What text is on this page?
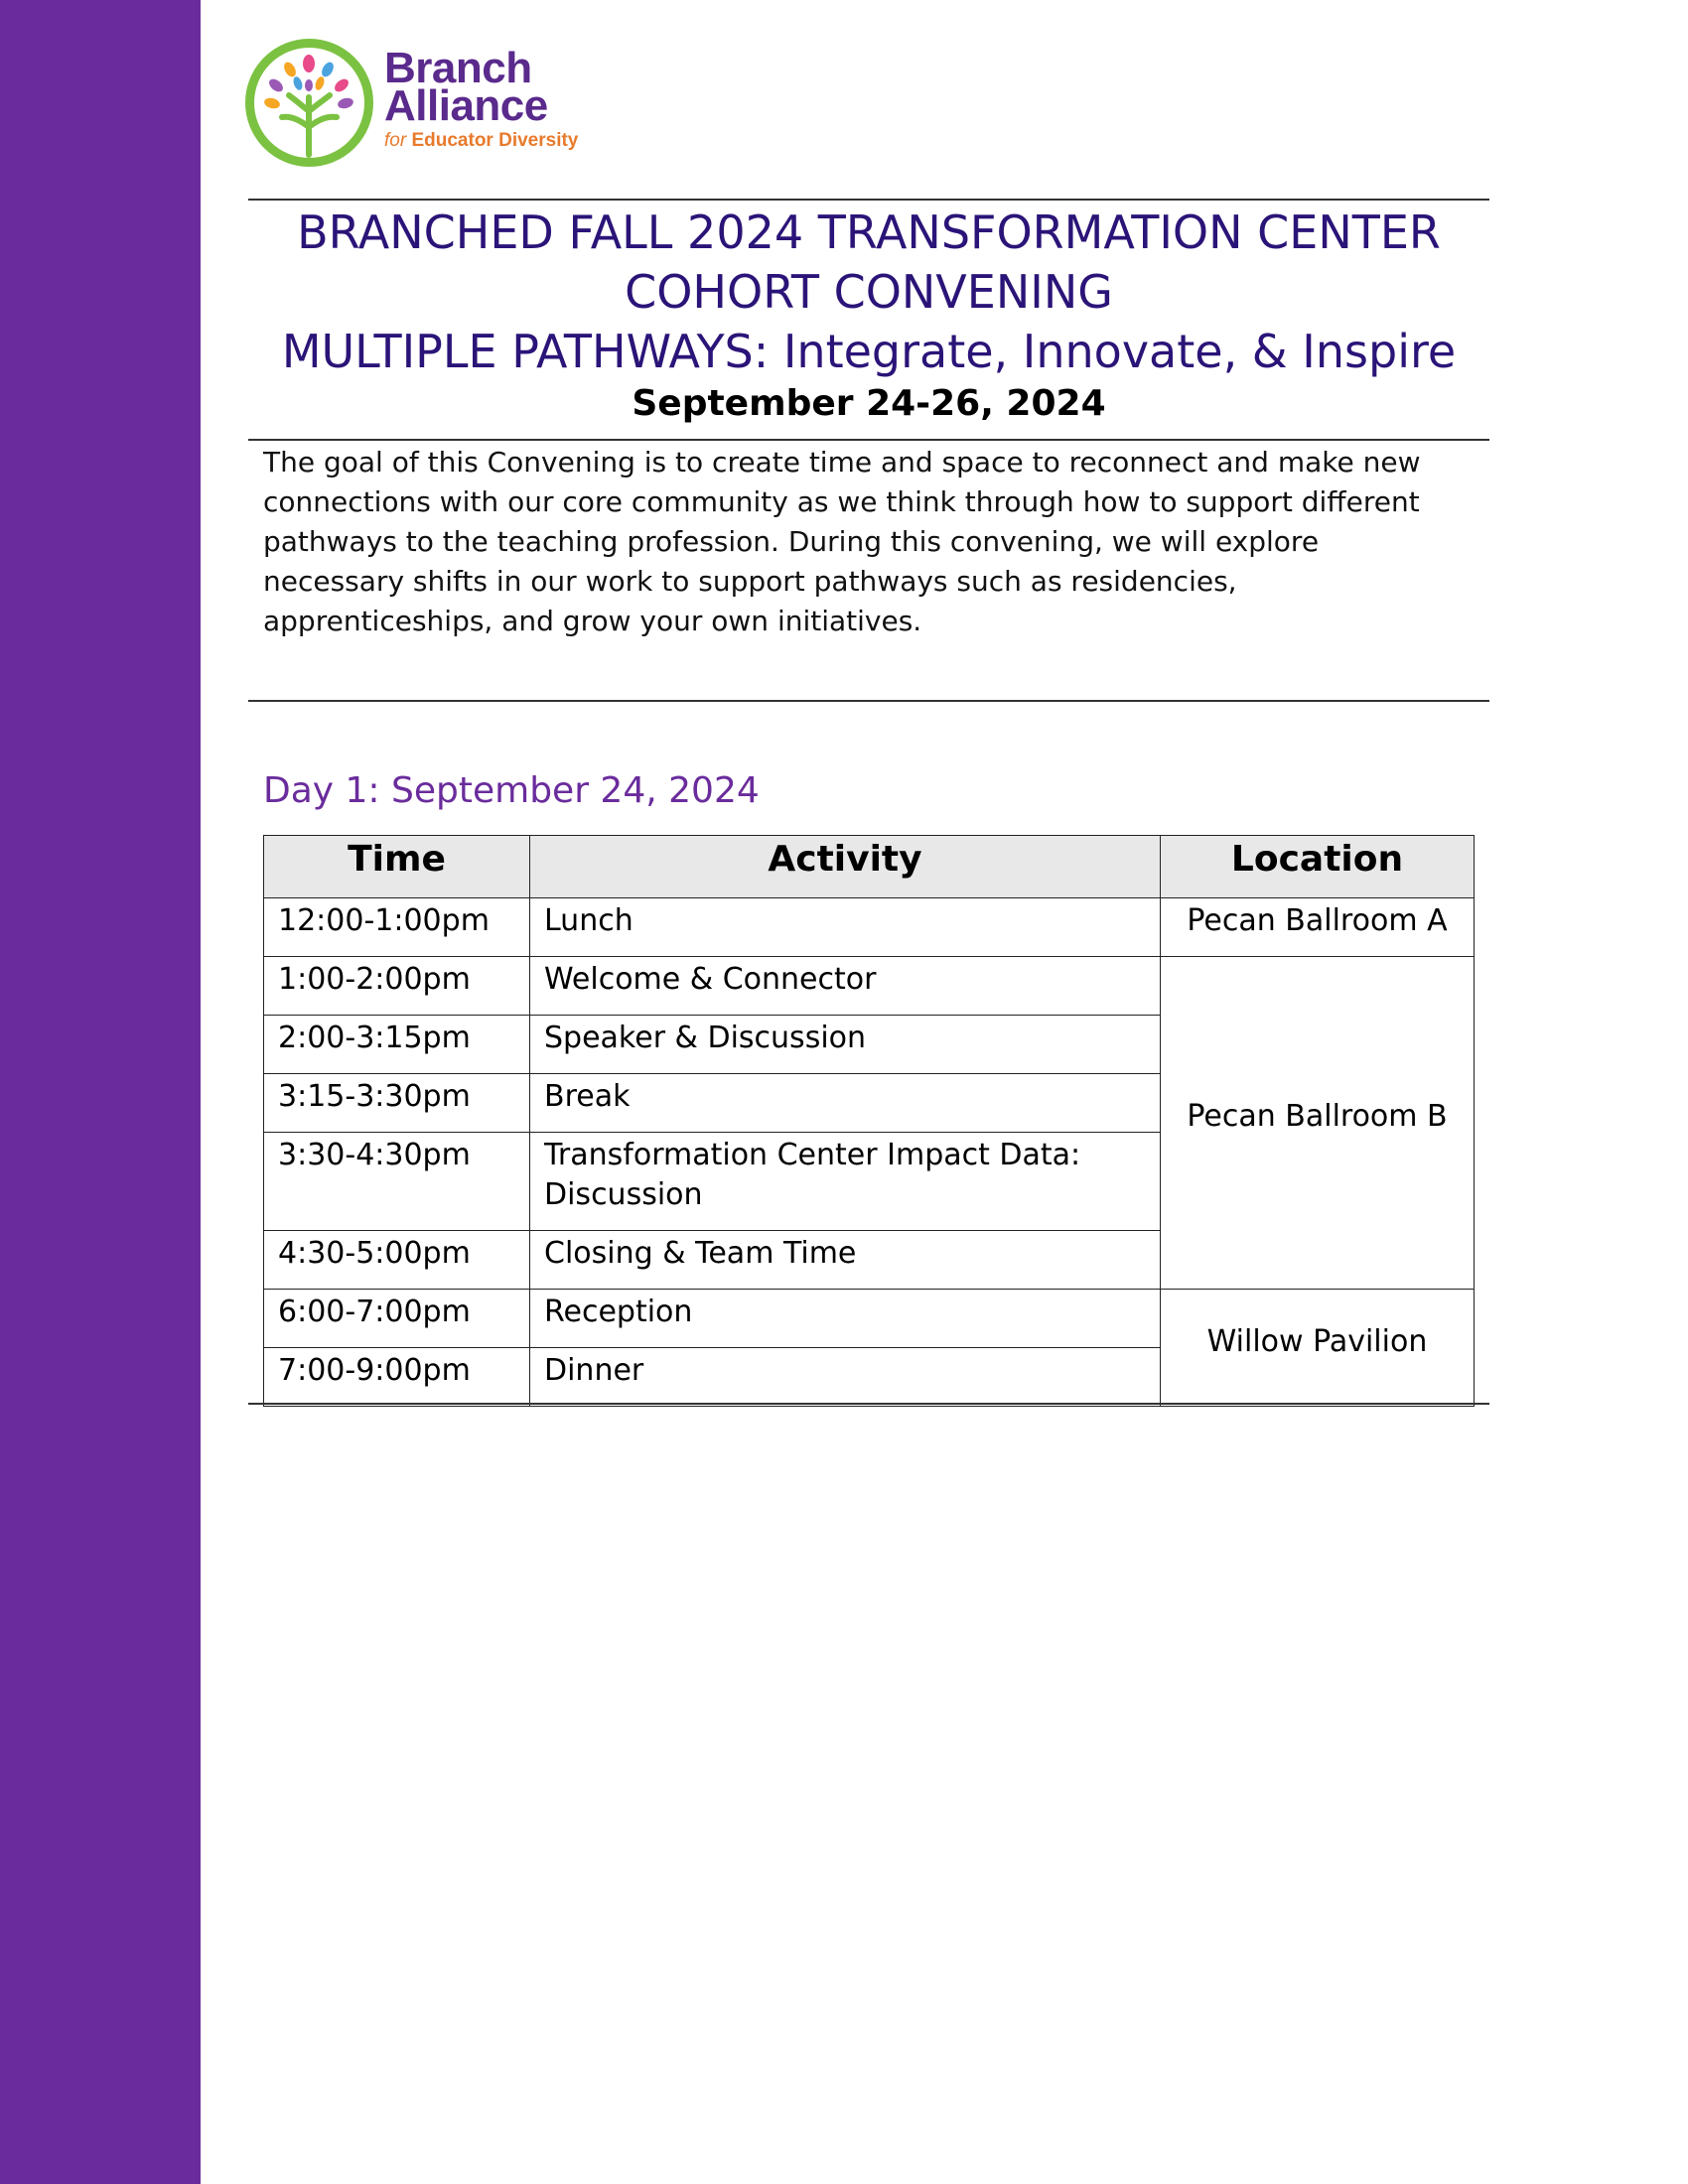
Branch
Alliance
for Educator Diversity
BRANCHED FALL 2024 TRANSFORMATION CENTER
COHORT CONVENING
MULTIPLE PATHWAYS: Integrate, Innovate, & Inspire
September 24-26, 2024
The goal of this Convening is to create time and space to reconnect and make new connections with our core community as we think through how to support different pathways to the teaching profession. During this convening, we will explore necessary shifts in our work to support pathways such as residencies, apprenticeships, and grow your own initiatives.
Day 1: September 24, 2024
Time	Activity	Location
12:00-1:00pm	Lunch	Pecan Ballroom A
1:00-2:00pm	Welcome & Connector	Pecan Ballroom B
2:00-3:15pm	Speaker & Discussion	
3:15-3:30pm	Break	
3:30-4:30pm	Transformation Center Impact Data: Discussion	
4:30-5:00pm	Closing & Team Time	
6:00-7:00pm	Reception	Willow Pavilion
7:00-9:00pm	Dinner	
